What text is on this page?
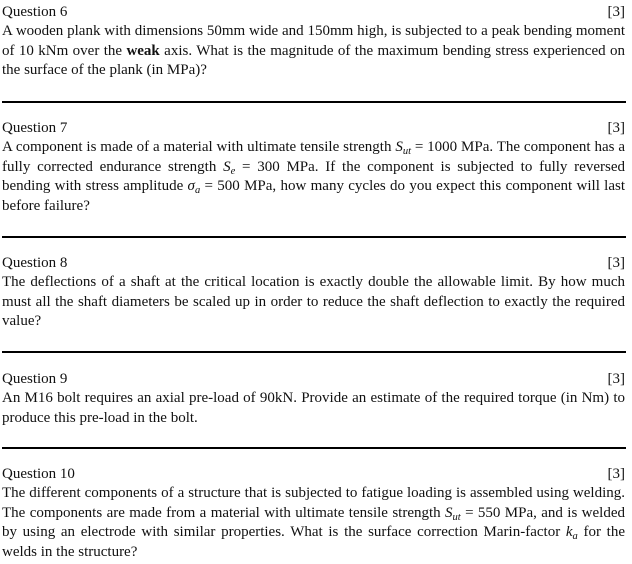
Question 6	[3]
A wooden plank with dimensions 50mm wide and 150mm high, is subjected to a peak bending moment of 10 kNm over the weak axis. What is the magnitude of the maximum bending stress experienced on the surface of the plank (in MPa)?
Question 7	[3]
A component is made of a material with ultimate tensile strength $S_{ut} = 1000$ MPa. The component has a fully corrected endurance strength $S_e = 300$ MPa. If the component is subjected to fully reversed bending with stress amplitude $\sigma_a = 500$ MPa, how many cycles do you expect this component will last before failure?
Question 8	[3]
The deflections of a shaft at the critical location is exactly double the allowable limit. By how much must all the shaft diameters be scaled up in order to reduce the shaft deflection to exactly the required value?
Question 9	[3]
An M16 bolt requires an axial pre-load of 90kN. Provide an estimate of the required torque (in Nm) to produce this pre-load in the bolt.
Question 10	[3]
The different components of a structure that is subjected to fatigue loading is assembled using welding. The components are made from a material with ultimate tensile strength $S_{ut} = 550$ MPa, and is welded by using an electrode with similar properties. What is the surface correction Marin-factor $k_a$ for the welds in the structure?
